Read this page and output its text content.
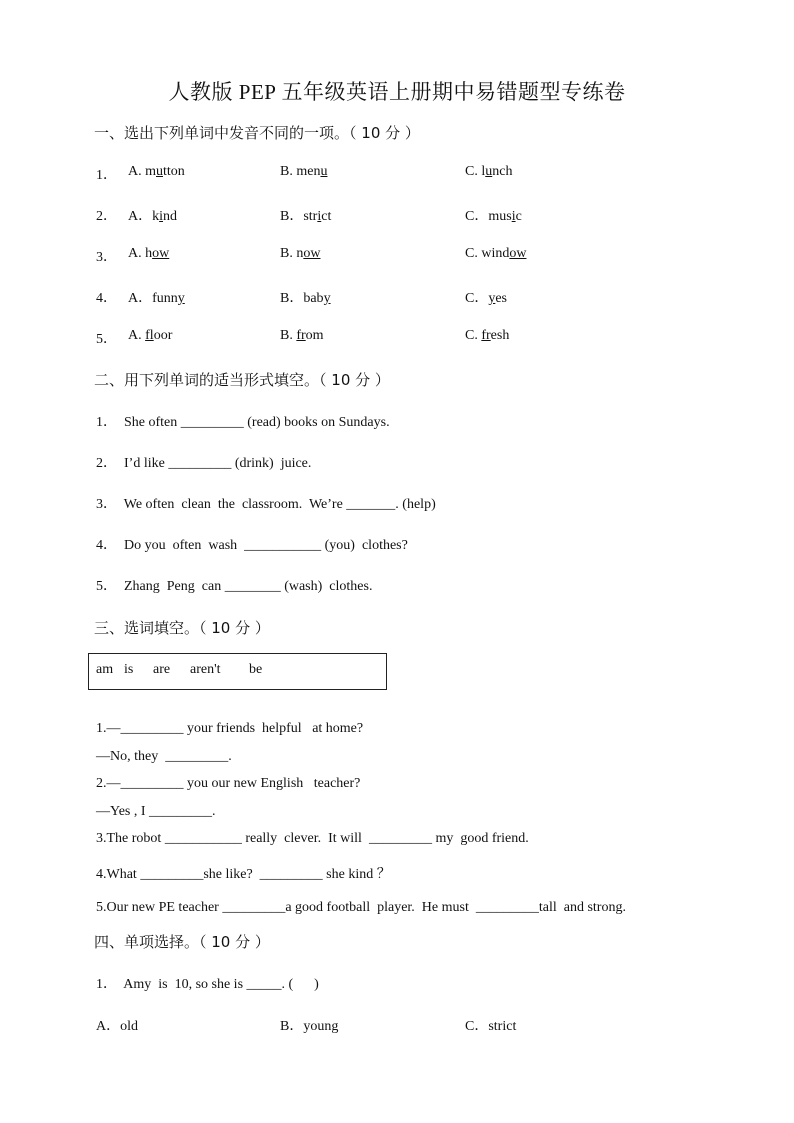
人教版 PEP 五年级英语上册期中易错题型专练卷
一、选出下列单词中发音不同的一项。（ 10 分 ）
1． A. mutton	B. menu	C. lunch
2． A．kind	B．strict	C．music
3． A. how	B. now	C. window
4． A．funny	B．baby	C．yes
5． A. floor	B. from	C. fresh
二、用下列单词的适当形式填空。（ 10 分 ）
1．  She often _________ (read) books on Sundays.
2．  I’d like _________ (drink)  juice.
3．  We often  clean  the  classroom.  We’re _______. (help)
4．  Do you  often  wash  ___________ (you)  clothes?
5．  Zhang  Peng  can ________ (wash)  clothes.
三、选词填空。（ 10 分 ）
am is are aren't be
1.—_________ your friends  helpful   at home?
—No, they  _________.
2.—_________ you our new English   teacher?
—Yes , I _________.
3.The robot ___________ really  clever.  It will  _________ my  good friend.
4.What _________she like?  _________ she kind ？
5.Our new PE teacher _________a good football  player.  He must  _________tall  and strong.
四、单项选择。（ 10 分 ）
1．  Amy  is  10, so she is _____. (      )
A．old	B．young	C．strict
